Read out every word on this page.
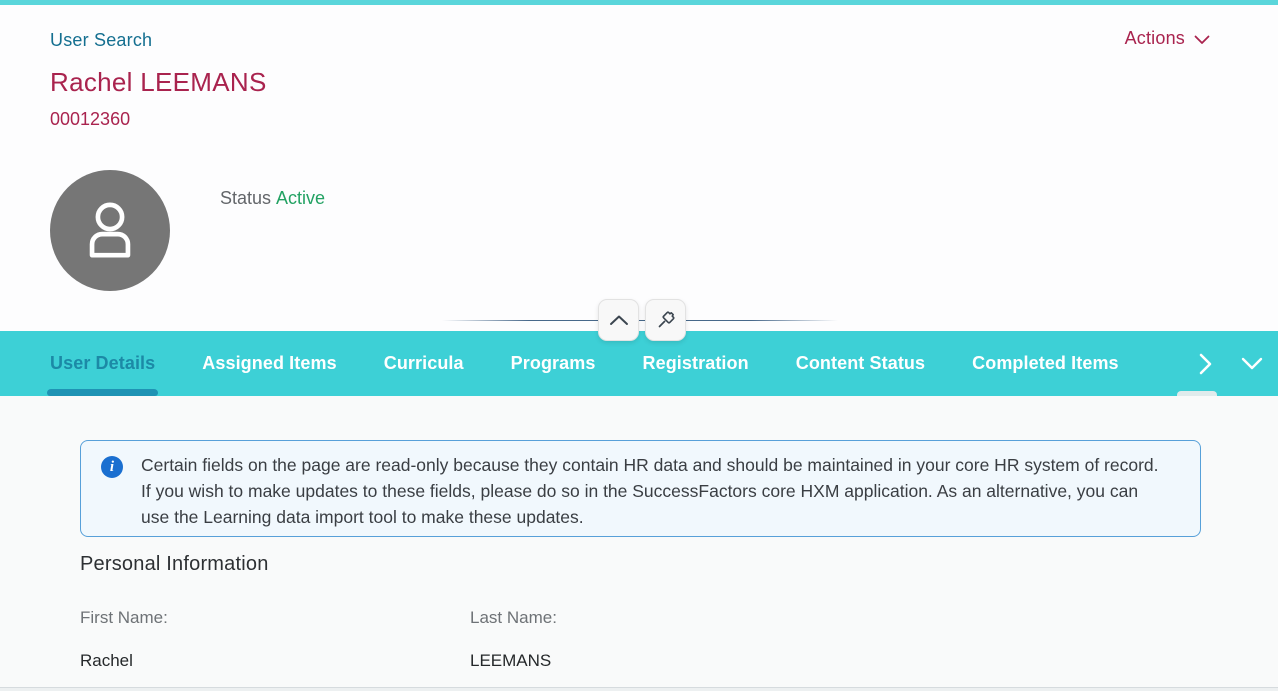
User Search	Actions
Rachel LEEMANS
00012360
Status Active
User Details	Assigned Items	Curricula	Programs	Registration	Content Status	Completed Items
i	Certain fields on the page are read-only because they contain HR data and should be maintained in your core HR system of record. If you wish to make updates to these fields, please do so in the SuccessFactors core HXM application. As an alternative, you can use the Learning data import tool to make these updates.

Personal Information
First Name:
Rachel
Last Name:
LEEMANS
